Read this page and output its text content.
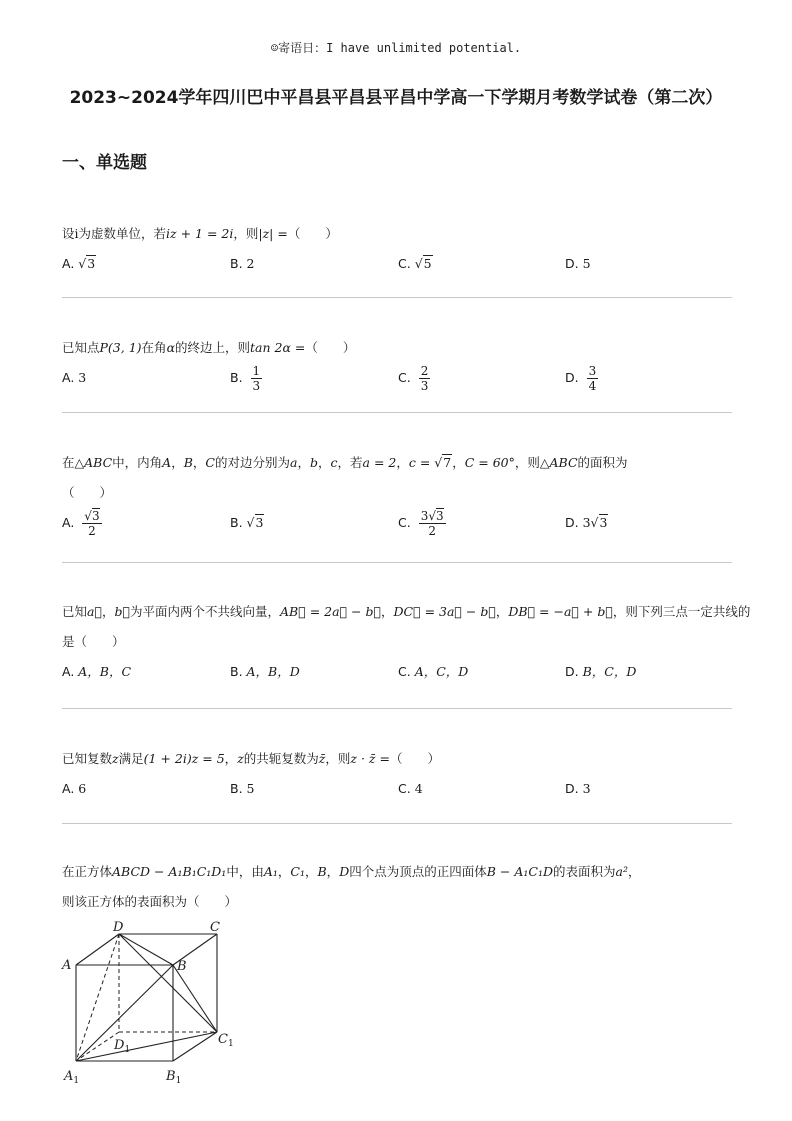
☺寄语日：I have unlimited potential.
2023~2024学年四川巴中平昌县平昌县平昌中学高一下学期月考数学试卷（第二次）
一、单选题
设i为虚数单位，若iz + 1 = 2i，则|z| =（　　）
A. √3	B. 2	C. √5	D. 5
已知点P(3, 1)在角α的终边上，则tan 2α =（　　）
A. 3	B. $\frac{1}{3}$	C. $\frac{2}{3}$	D. $\frac{3}{4}$
在△ABC中，内角A，B，C的对边分别为a，b，c，若a = 2，c = √7，C = 60°，则△ABC的面积为
（　　）
A. $\frac{√3}{2}$	B. √3	C. $\frac{3√3}{2}$	D. 3√3
已知a⃗，b⃗为平面内两个不共线向量，AB⃗ = 2a⃗ − b⃗，DC⃗ = 3a⃗ − b⃗，DB⃗ = −a⃗ + b⃗，则下列三点一定共线的
是（　　）
A. A，B，C	B. A，B，D	C. A，C，D	D. B，C，D
已知复数z满足(1 + 2i)z = 5，z的共轭复数为z̄，则z · z̄ =（　　）
A. 6	B. 5	C. 4	D. 3
在正方体ABCD − A₁B₁C₁D₁中，由A₁，C₁，B，D四个点为顶点的正四面体B − A₁C₁D的表面积为a²，
则该正方体的表面积为（　　）
D	C
A	B
$D_1$
$C_1$
$A_1$	$B_1$
